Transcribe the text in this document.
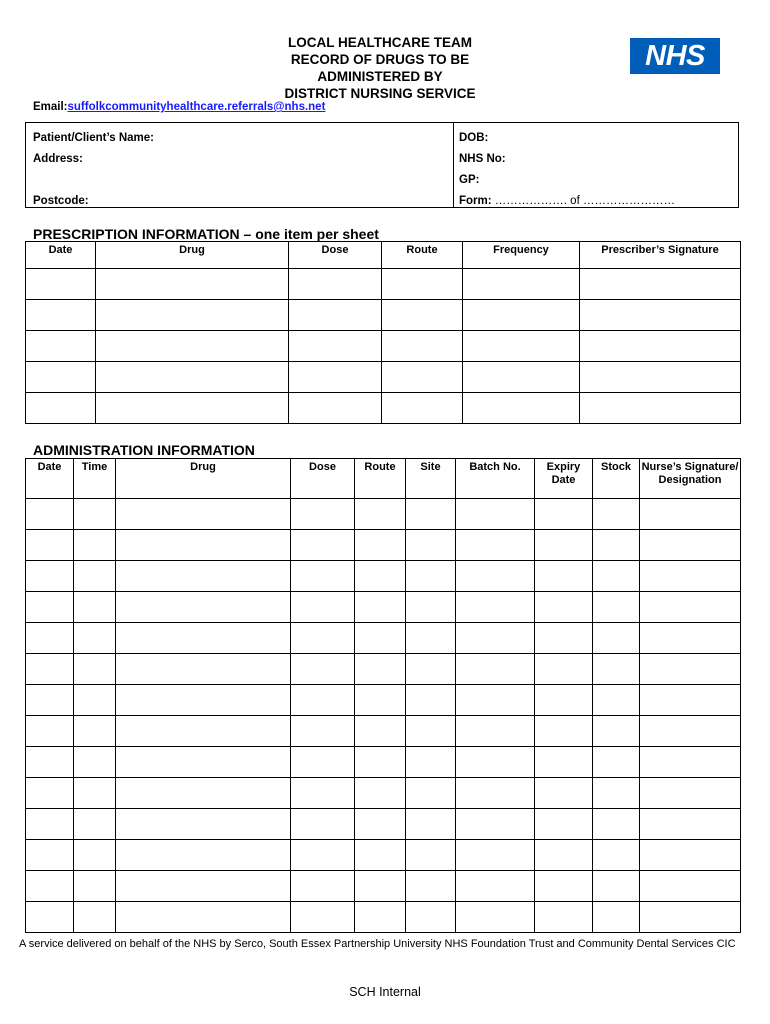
LOCAL HEALTHCARE TEAM
RECORD OF DRUGS TO BE
ADMINISTERED BY
DISTRICT NURSING SERVICE
NHS
Email:suffolkcommunityhealthcare.referrals@nhs.net
Patient/Client’s Name:
Address:
Postcode:
DOB:
NHS No:
GP:
Form: ………………. of ……………………
PRESCRIPTION INFORMATION – one item per sheet
Date	Drug	Dose	Route	Frequency	Prescriber’s Signature

ADMINISTRATION INFORMATION
Date	Time	Drug	Dose	Route	Site	Batch No.	Expiry Date	Stock	Nurse’s Signature/ Designation

A service delivered on behalf of the NHS by Serco, South Essex Partnership University NHS Foundation Trust and Community Dental Services CIC
SCH Internal
